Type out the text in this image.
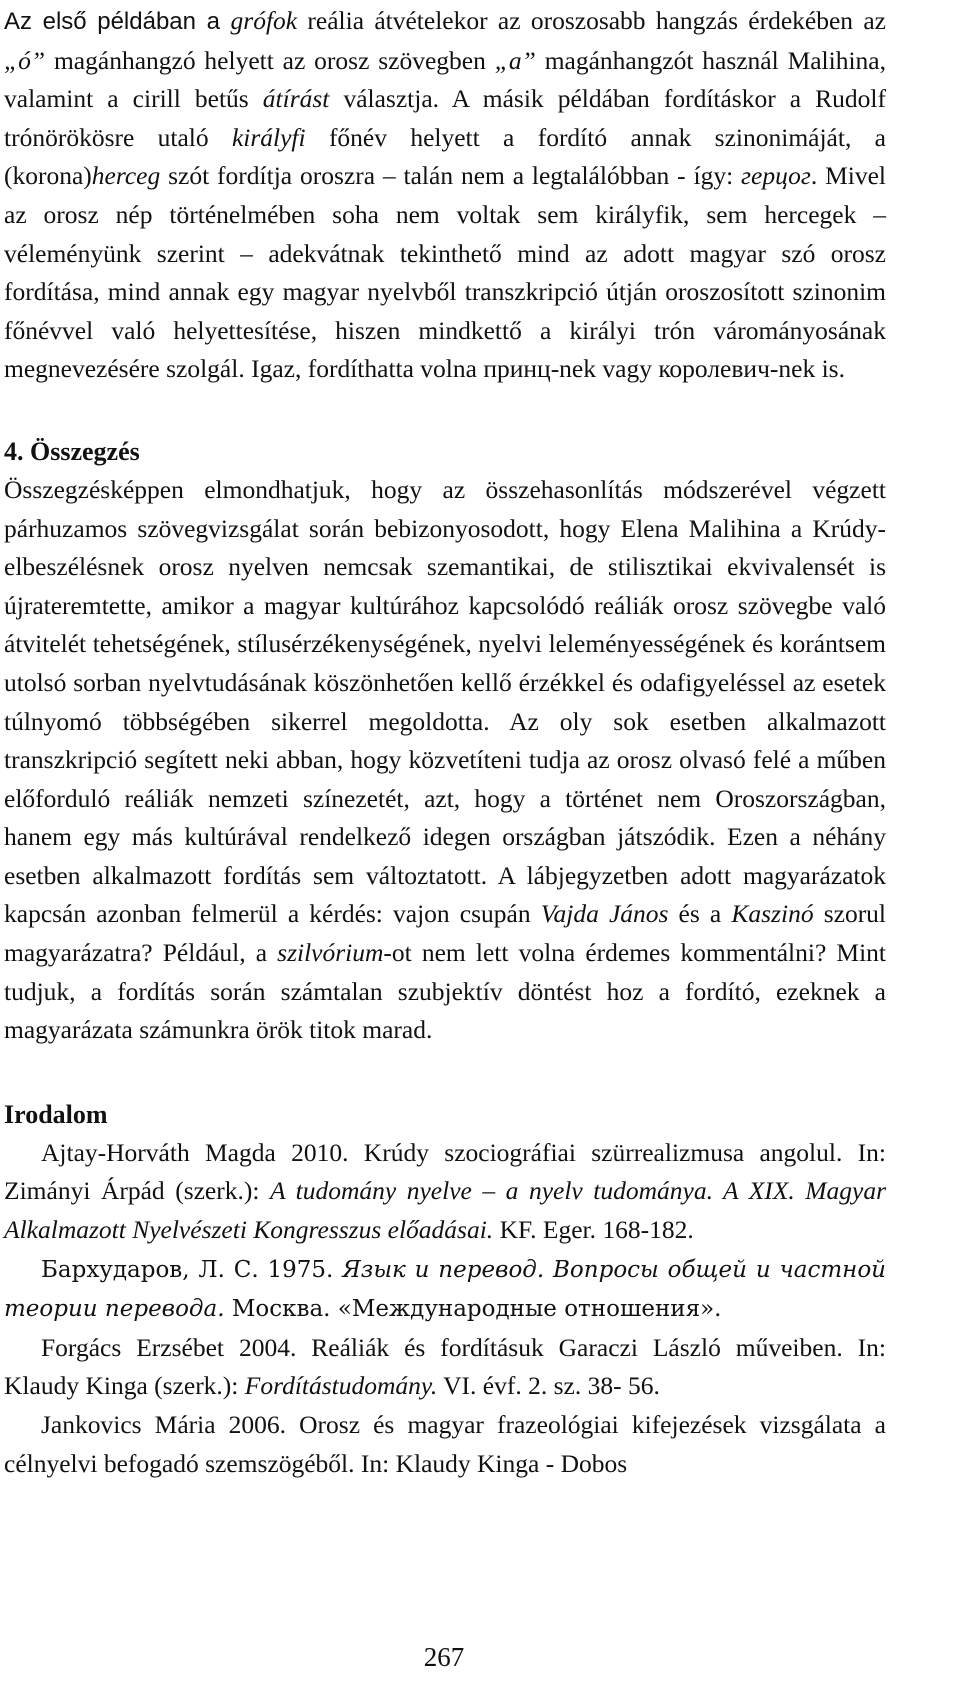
Az első példában a grófok reália átvételekor az oroszosabb hangzás érdekében az „ó” magánhangzó helyett az orosz szövegben „a” magánhangzót használ Malihina, valamint a cirill betűs átírást választja. A másik példában fordításkor a Rudolf trónörökösre utaló királyfi főnév helyett a fordító annak szinonimáját, a (korona)herceg szót fordítja oroszra – talán nem a legtalálóbban - így: герцог. Mivel az orosz nép történelmében soha nem voltak sem királyfik, sem hercegek – véleményünk szerint – adekvátnak tekinthető mind az adott magyar szó orosz fordítása, mind annak egy magyar nyelvből transzkripció útján oroszosított szinonim főnévvel való helyettesítése, hiszen mindkettő a királyi trón várományosának megnevezésére szolgál. Igaz, fordíthatta volna принц-nek vagy королевич-nek is.

4. Összegzés

Összegzésképpen elmondhatjuk, hogy az összehasonlítás módszerével végzett párhuzamos szövegvizsgálat során bebizonyosodott, hogy Elena Malihina a Krúdy-elbeszélésnek orosz nyelven nemcsak szemantikai, de stilisztikai ekvivalensét is újrateremtette, amikor a magyar kultúrához kapcsolódó reáliák orosz szövegbe való átvitelét tehetségének, stílusérzékenységének, nyelvi leleményességének és korántsem utolsó sorban nyelvtudásának köszönhetően kellő érzékkel és odafigyeléssel az esetek túlnyomó többségében sikerrel megoldotta. Az oly sok esetben alkalmazott transzkripció segített neki abban, hogy közvetíteni tudja az orosz olvasó felé a műben előforduló reáliák nemzeti színezetét, azt, hogy a történet nem Oroszországban, hanem egy más kultúrával rendelkező idegen országban játszódik. Ezen a néhány esetben alkalmazott fordítás sem változtatott. A lábjegyzetben adott magyarázatok kapcsán azonban felmerül a kérdés: vajon csupán Vajda János és a Kaszinó szorul magyarázatra? Például, a szilvórium-ot nem lett volna érdemes kommentálni? Mint tudjuk, a fordítás során számtalan szubjektív döntést hoz a fordító, ezeknek a magyarázata számunkra örök titok marad.

Irodalom

Ajtay-Horváth Magda 2010. Krúdy szociográfiai szürrealizmusa angolul. In: Zimányi Árpád (szerk.): A tudomány nyelve – a nyelv tudománya. A XIX. Magyar Alkalmazott Nyelvészeti Kongresszus előadásai. KF. Eger. 168-182.

Бархударов, Л. С. 1975. Язык и перевод. Вопросы общей и частной теории перевода. Москва. «Международные отношения».

Forgács Erzsébet 2004. Reáliák és fordításuk Garaczi László műveiben. In: Klaudy Kinga (szerk.): Fordítástudomány. VI. évf. 2. sz. 38- 56.

Jankovics Mária 2006. Orosz és magyar frazeológiai kifejezések vizsgálata a célnyelvi befogadó szemszögéből. In: Klaudy Kinga - Dobos

267
